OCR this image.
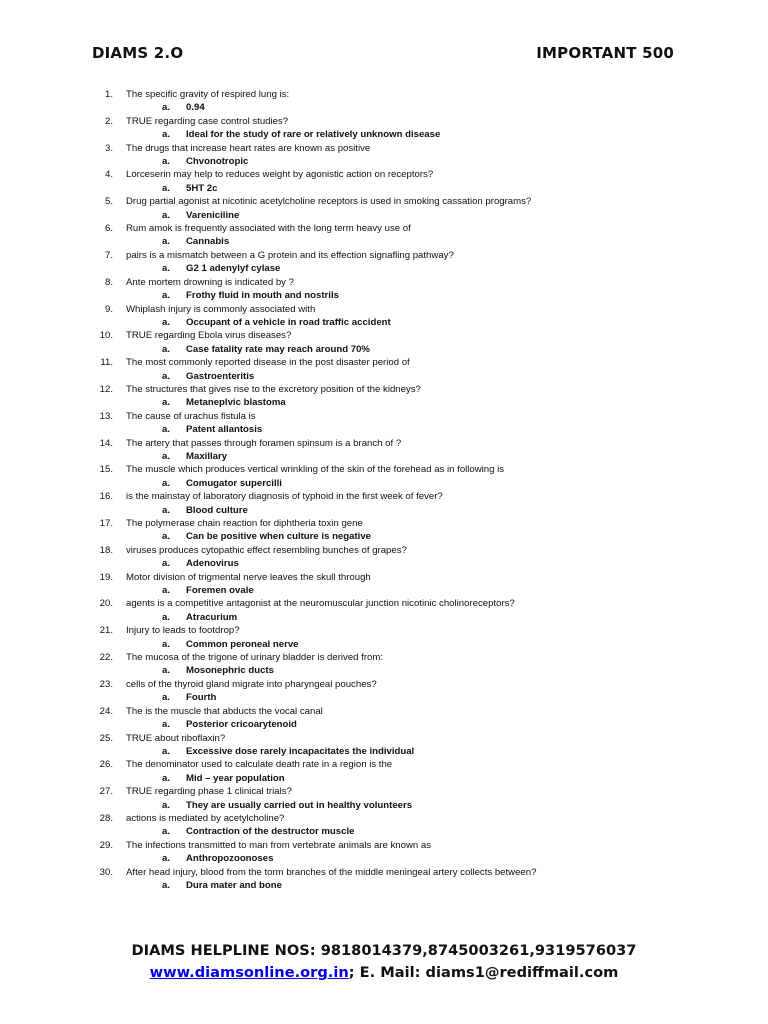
DIAMS 2.O	IMPORTANT 500
1.	The specific gravity of respired lung is:
a.	0.94
2.	TRUE regarding case control studies?
a.	Ideal for the study of rare or relatively unknown disease
3.	The drugs that increase heart rates are known as positive
a.	Chvonotropic
4.	Lorceserin may help to reduces weight by agonistic action on receptors?
a.	5HT 2c
5.	Drug partial agonist at nicotinic acetylcholine receptors is used in smoking cassation programs?
a.	Vareniciline
6.	Rum amok is frequently associated with the long term heavy use of
a.	Cannabis
7.	pairs is a mismatch between a G protein and its effection signafling pathway?
a.	G2 1 adenylyf cylase
8.	Ante mortem drowning is indicated by ?
a.	Frothy fluid in mouth and nostrils
9.	Whiplash injury is commonly associated with
a.	Occupant of a vehicle in road traffic accident
10.	TRUE regarding Ebola virus diseases?
a.	Case fatality rate may reach around 70%
11.	The most commonly reported disease in the post disaster period of
a.	Gastroenteritis
12.	The structures that gives rise to the excretory position of the kidneys?
a.	Metaneplvic blastoma
13.	The cause of urachus fistula is
a.	Patent allantosis
14.	The artery that passes through foramen spinsum is a branch of ?
a.	Maxillary
15.	The muscle which produces vertical wrinkling of the skin of the forehead as in following is
a.	Comugator supercilli
16.	is the mainstay of laboratory diagnosis of typhoid in the first week of fever?
a.	Blood culture
17.	The polymerase chain reaction for diphtheria toxin gene
a.	Can be positive when culture is negative
18.	viruses produces cytopathic effect resembling bunches of grapes?
a.	Adenovirus
19.	Motor division of trigmental nerve leaves the skull through
a.	Foremen ovale
20.	agents is a competitive antagonist at the neuromuscular junction nicotinic cholinoreceptors?
a.	Atracurium
21.	Injury to leads to footdrop?
a.	Common peroneal nerve
22.	The mucosa of the trigone of urinary bladder is derived from:
a.	Mosonephric ducts
23.	cells of the thyroid gland migrate into pharyngeal pouches?
a.	Fourth
24.	The is the muscle that abducts the vocal canal
a.	Posterior cricoarytenoid
25.	TRUE about riboflaxin?
a.	Excessive dose rarely incapacitates the individual
26.	The denominator used to calculate death rate in a region is the
a.	Mid – year population
27.	TRUE regarding phase 1 clinical trials?
a.	They are usually carried out in healthy volunteers
28.	actions is mediated by acetylcholine?
a.	Contraction of the destructor muscle
29.	The infections transmitted to man from vertebrate animals are known as
a.	Anthropozoonoses
30.	After head injury, blood from the torm branches of the middle meningeal artery collects between?
a.	Dura mater and bone
DIAMS HELPLINE NOS: 9818014379,8745003261,9319576037
www.diamsonline.org.in; E. Mail: diams1@rediffmail.com
